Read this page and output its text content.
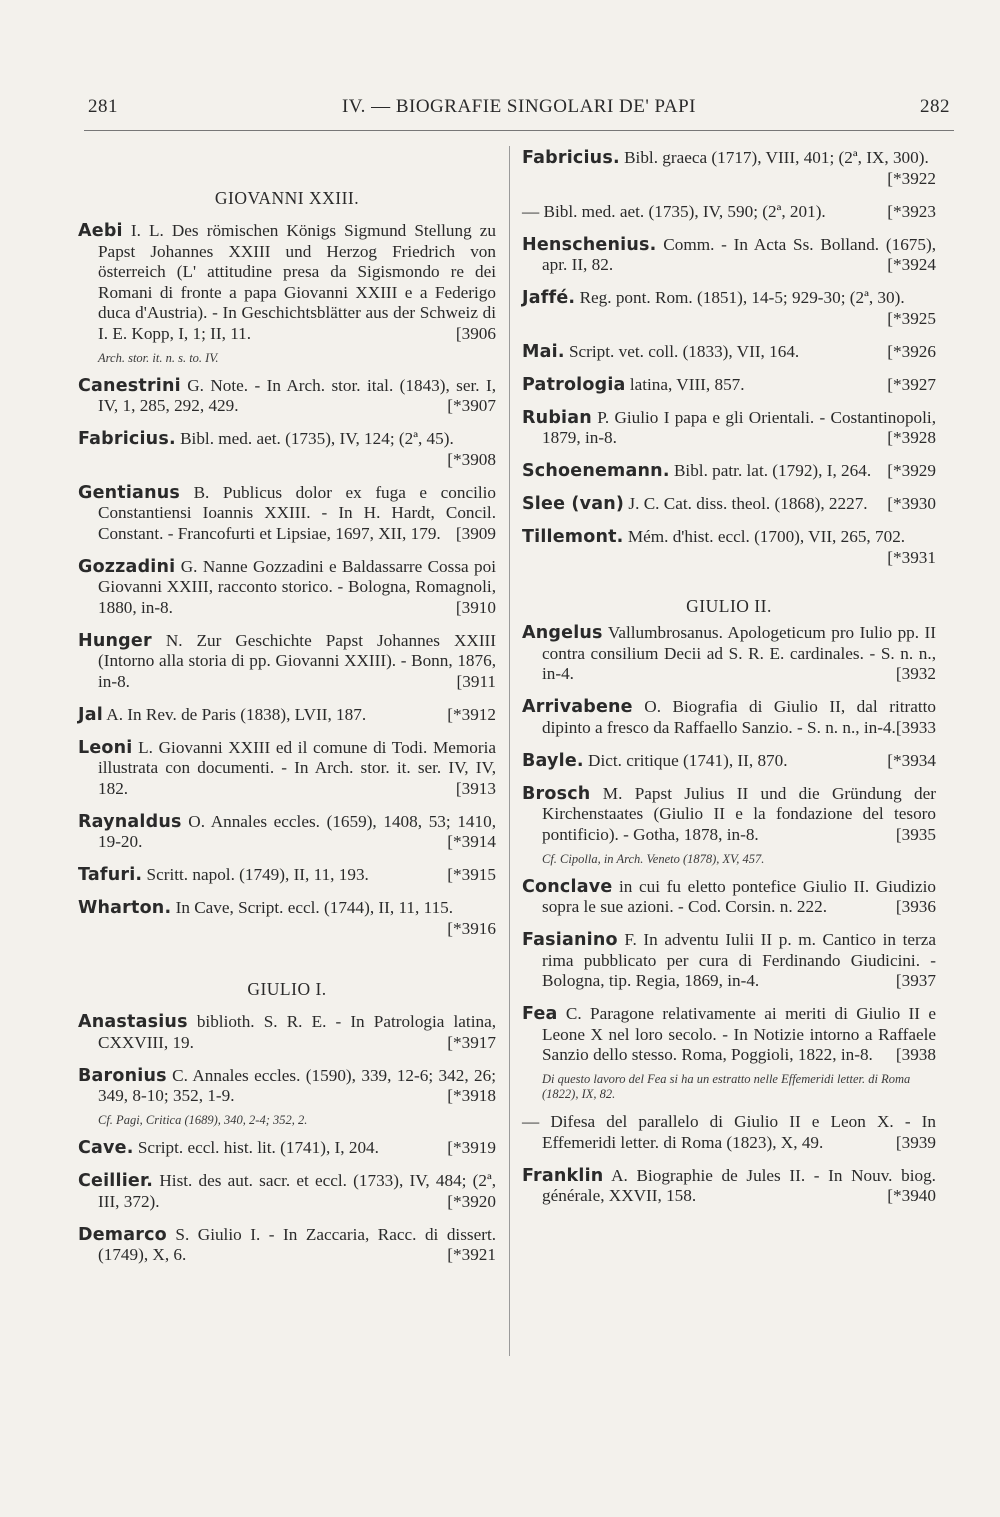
281	IV. — BIOGRAFIE SINGOLARI DE' PAPI	282
GIOVANNI XXIII.
Aebi I. L. Des römischen Königs Sigmund Stellung zu Papst Johannes XXIII und Herzog Friedrich von österreich (L' attitudine presa da Sigismondo re dei Romani di fronte a papa Giovanni XXIII e a Federigo duca d'Austria). - In Geschichtsblätter aus der Schweiz di I. E. Kopp, I, 1; II, 11.	[3906
Arch. stor. it. n. s. to. IV.
Canestrini G. Note. - In Arch. stor. ital. (1843), ser. I, IV, 1, 285, 292, 429.	[*3907
Fabricius. Bibl. med. aet. (1735), IV, 124; (2ª, 45).
[*3908
Gentianus B. Publicus dolor ex fuga e concilio Constantiensi Ioannis XXIII. - In H. Hardt, Concil. Constant. - Francofurti et Lipsiae, 1697, XII, 179. [3909
Gozzadini G. Nanne Gozzadini e Baldassarre Cossa poi Giovanni XXIII, racconto storico. - Bologna, Romagnoli, 1880, in-8.	[3910
Hunger N. Zur Geschichte Papst Johannes XXIII (Intorno alla storia di pp. Giovanni XXIII). - Bonn, 1876, in-8.	[3911
Jal A. In Rev. de Paris (1838), LVII, 187.	[*3912
Leoni L. Giovanni XXIII ed il comune di Todi. Memoria illustrata con documenti. - In Arch. stor. it. ser. IV, IV, 182.	[3913
Raynaldus O. Annales eccles. (1659), 1408, 53; 1410, 19-20.	[*3914
Tafuri. Scritt. napol. (1749), II, 11, 193.	[*3915
Wharton. In Cave, Script. eccl. (1744), II, 11, 115.
[*3916
GIULIO I.
Anastasius biblioth. S. R. E. - In Patrologia latina, CXXVIII, 19.	[*3917
Baronius C. Annales eccles. (1590), 339, 12-6; 342, 26; 349, 8-10; 352, 1-9.	[*3918
Cf. Pagi, Critica (1689), 340, 2-4; 352, 2.
Cave. Script. eccl. hist. lit. (1741), I, 204.	[*3919
Ceillier. Hist. des aut. sacr. et eccl. (1733), IV, 484; (2ª, III, 372).	[*3920
Demarco S. Giulio I. - In Zaccaria, Racc. di dissert. (1749), X, 6.	[*3921
Fabricius. Bibl. graeca (1717), VIII, 401; (2ª, IX, 300).
[*3922
— Bibl. med. aet. (1735), IV, 590; (2ª, 201).	[*3923
Henschenius. Comm. - In Acta Ss. Bolland. (1675), apr. II, 82.	[*3924
Jaffé. Reg. pont. Rom. (1851), 14-5; 929-30; (2ª, 30).
[*3925
Mai. Script. vet. coll. (1833), VII, 164.	[*3926
Patrologia latina, VIII, 857.	[*3927
Rubian P. Giulio I papa e gli Orientali. - Costantinopoli, 1879, in-8.	[*3928
Schoenemann. Bibl. patr. lat. (1792), I, 264. [*3929
Slee (van) J. C. Cat. diss. theol. (1868), 2227. [*3930
Tillemont. Mém. d'hist. eccl. (1700), VII, 265, 702.
[*3931
GIULIO II.
Angelus Vallumbrosanus. Apologeticum pro Iulio pp. II contra consilium Decii ad S. R. E. cardinales. - S. n. n., in-4.	[3932
Arrivabene O. Biografia di Giulio II, dal ritratto dipinto a fresco da Raffaello Sanzio. - S. n. n., in-4. [3933
Bayle. Dict. critique (1741), II, 870.	[*3934
Brosch M. Papst Julius II und die Gründung der Kirchenstaates (Giulio II e la fondazione del tesoro pontificio). - Gotha, 1878, in-8.	[3935
Cf. Cipolla, in Arch. Veneto (1878), XV, 457.
Conclave in cui fu eletto pontefice Giulio II. Giudizio sopra le sue azioni. - Cod. Corsin. n. 222.	[3936
Fasianino F. In adventu Iulii II p. m. Cantico in terza rima pubblicato per cura di Ferdinando Giudicini. - Bologna, tip. Regia, 1869, in-4.	[3937
Fea C. Paragone relativamente ai meriti di Giulio II e Leone X nel loro secolo. - In Notizie intorno a Raffaele Sanzio dello stesso. Roma, Poggioli, 1822, in-8. [3938
Di questo lavoro del Fea si ha un estratto nelle Effemeridi letter. di Roma (1822), IX, 82.
— Difesa del parallelo di Giulio II e Leon X. - In Effemeridi letter. di Roma (1823), X, 49.	[3939
Franklin A. Biographie de Jules II. - In Nouv. biog. générale, XXVII, 158.	[*3940
